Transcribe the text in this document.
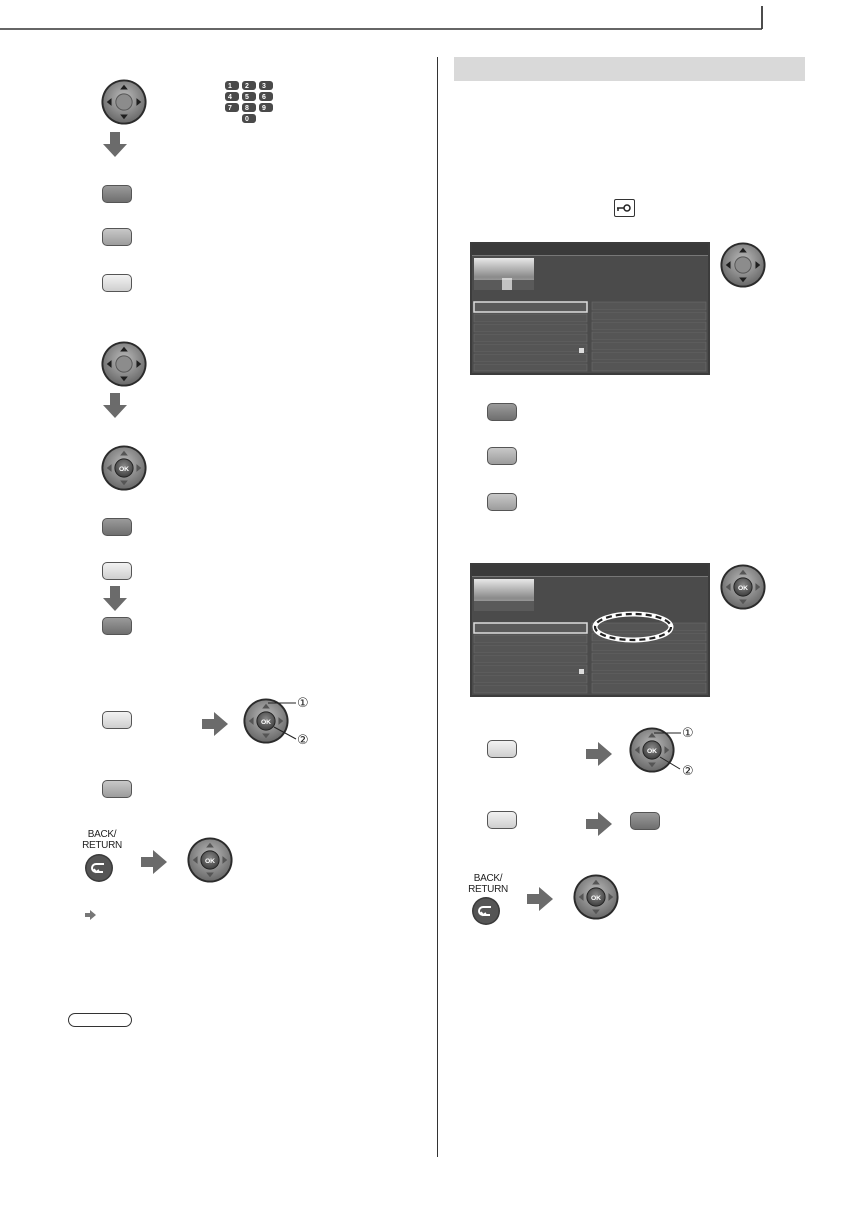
1 2 3
4 5 6
7 8 9
0
①
②
BACK/
RETURN
①
②
BACK/
RETURN
